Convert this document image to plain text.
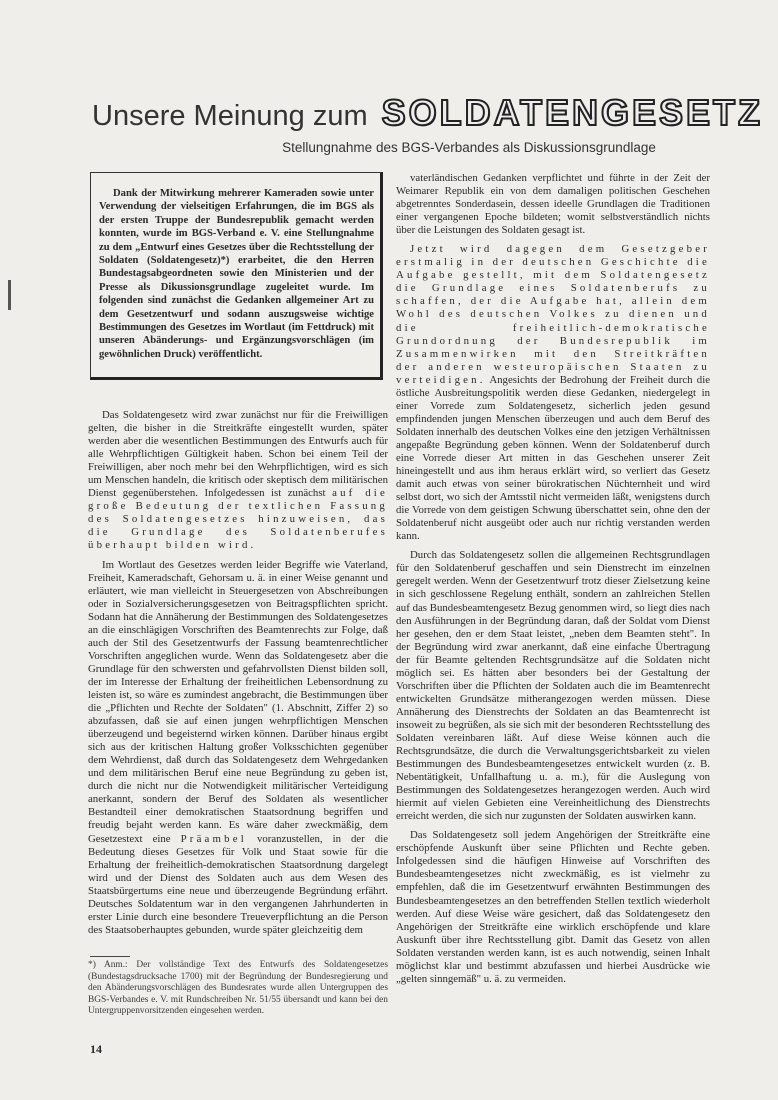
Unsere Meinung zum SOLDATENGESETZ
Stellungnahme des BGS-Verbandes als Diskussionsgrundlage

Dank der Mitwirkung mehrerer Kameraden sowie unter Verwendung der vielseitigen Erfahrungen, die im BGS als der ersten Truppe der Bundesrepublik gemacht werden konnten, wurde im BGS-Verband e. V. eine Stellungnahme zu dem „Entwurf eines Gesetzes über die Rechtsstellung der Soldaten (Soldatengesetz)*) erarbeitet, die den Herren Bundestagsabgeordneten sowie den Ministerien und der Presse als Dikussionsgrundlage zugeleitet wurde. Im folgenden sind zunächst die Gedanken allgemeiner Art zu dem Gesetzentwurf und sodann auszugsweise wichtige Bestimmungen des Gesetzes im Wortlaut (im Fettdruck) mit unseren Abänderungs- und Ergänzungsvorschlägen (im gewöhnlichen Druck) veröffentlicht.

Das Soldatengesetz wird zwar zunächst nur für die Freiwilligen gelten, die bisher in die Streitkräfte eingestellt wurden, später werden aber die wesentlichen Bestimmungen des Entwurfs auch für alle Wehrpflichtigen Gültigkeit haben. Schon bei einem Teil der Freiwilligen, aber noch mehr bei den Wehrpflichtigen, wird es sich um Menschen handeln, die kritisch oder skeptisch dem militärischen Dienst gegenüberstehen. Infolgedessen ist zunächst auf die große Bedeutung der textlichen Fassung des Soldatengesetzes hinzuweisen, das die Grundlage des Soldatenberufes überhaupt bilden wird.

Im Wortlaut des Gesetzes werden leider Begriffe wie Vaterland, Freiheit, Kameradschaft, Gehorsam u. ä. in einer Weise genannt und erläutert, wie man vielleicht in Steuergesetzen von Abschreibungen oder in Sozialversicherungsgesetzen von Beitragspflichten spricht. Sodann hat die Annäherung der Bestimmungen des Soldatengesetzes an die einschlägigen Vorschriften des Beamtenrechts zur Folge, daß auch der Stil des Gesetzentwurfs der Fassung beamtenrechtlicher Vorschriften angeglichen wurde. Wenn das Soldatengesetz aber die Grundlage für den schwersten und gefahrvollsten Dienst bilden soll, der im Interesse der Erhaltung der freiheitlichen Lebensordnung zu leisten ist, so wäre es zumindest angebracht, die Bestimmungen über die „Pflichten und Rechte der Soldaten" (1. Abschnitt, Ziffer 2) so abzufassen, daß sie auf einen jungen wehrpflichtigen Menschen überzeugend und begeisternd wirken können. Darüber hinaus ergibt sich aus der kritischen Haltung großer Volksschichten gegenüber dem Wehrdienst, daß durch das Soldatengesetz dem Wehrgedanken und dem militärischen Beruf eine neue Begründung zu geben ist, durch die nicht nur die Notwendigkeit militärischer Verteidigung anerkannt, sondern der Beruf des Soldaten als wesentlicher Bestandteil einer demokratischen Staatsordnung begriffen und freudig bejaht werden kann. Es wäre daher zweckmäßig, dem Gesetzestext eine Präambel voranzustellen, in der die Bedeutung dieses Gesetzes für Volk und Staat sowie für die Erhaltung der freiheitlich-demokratischen Staatsordnung dargelegt wird und der Dienst des Soldaten auch aus dem Wesen des Staatsbürgertums eine neue und überzeugende Begründung erfährt. Deutsches Soldatentum war in den vergangenen Jahrhunderten in erster Linie durch eine besondere Treueverpflichtung an die Person des Staatsoberhauptes gebunden, wurde später gleichzeitig dem

vaterländischen Gedanken verpflichtet und führte in der Zeit der Weimarer Republik ein von dem damaligen politischen Geschehen abgetrenntes Sonderdasein, dessen ideelle Grundlagen die Traditionen einer vergangenen Epoche bildeten; womit selbstverständlich nichts über die Leistungen des Soldaten gesagt ist.

Jetzt wird dagegen dem Gesetzgeber erstmalig in der deutschen Geschichte die Aufgabe gestellt, mit dem Soldatengesetz die Grundlage eines Soldatenberufs zu schaffen, der die Aufgabe hat, allein dem Wohl des deutschen Volkes zu dienen und die freiheitlich-demokratische Grundordnung der Bundesrepublik im Zusammenwirken mit den Streitkräften der anderen westeuropäischen Staaten zu verteidigen. Angesichts der Bedrohung der Freiheit durch die östliche Ausbreitungspolitik werden diese Gedanken, niedergelegt in einer Vorrede zum Soldatengesetz, sicherlich jeden gesund empfindenden jungen Menschen überzeugen und auch dem Beruf des Soldaten innerhalb des deutschen Volkes eine den jetzigen Verhältnissen angepaßte Begründung geben können. Wenn der Soldatenberuf durch eine Vorrede dieser Art mitten in das Geschehen unserer Zeit hineingestellt und aus ihm heraus erklärt wird, so verliert das Gesetz damit auch etwas von seiner bürokratischen Nüchternheit und wird selbst dort, wo sich der Amtsstil nicht vermeiden läßt, wenigstens durch die Vorrede von dem geistigen Schwung überschattet sein, ohne den der Soldatenberuf nicht ausgeübt oder auch nur richtig verstanden werden kann.

Durch das Soldatengesetz sollen die allgemeinen Rechtsgrundlagen für den Soldatenberuf geschaffen und sein Dienstrecht im einzelnen geregelt werden. Wenn der Gesetzentwurf trotz dieser Zielsetzung keine in sich geschlossene Regelung enthält, sondern an zahlreichen Stellen auf das Bundesbeamtengesetz Bezug genommen wird, so liegt dies nach den Ausführungen in der Begründung daran, daß der Soldat vom Dienst her gesehen, den er dem Staat leistet, „neben dem Beamten steht". In der Begründung wird zwar anerkannt, daß eine einfache Übertragung der für Beamte geltenden Rechtsgrundsätze auf die Soldaten nicht möglich sei. Es hätten aber besonders bei der Gestaltung der Vorschriften über die Pflichten der Soldaten auch die im Beamtenrecht entwickelten Grundsätze mitherangezogen werden müssen. Diese Annäherung des Dienstrechts der Soldaten an das Beamtenrecht ist insoweit zu begrüßen, als sie sich mit der besonderen Rechtsstellung des Soldaten vereinbaren läßt. Auf diese Weise können auch die Rechtsgrundsätze, die durch die Verwaltungsgerichtsbarkeit zu vielen Bestimmungen des Bundesbeamtengesetzes entwickelt wurden (z. B. Nebentätigkeit, Unfallhaftung u. a. m.), für die Auslegung von Bestimmungen des Soldatengesetzes herangezogen werden. Auch wird hiermit auf vielen Gebieten eine Vereinheitlichung des Dienstrechts erreicht werden, die sich nur zugunsten der Soldaten auswirken kann.

Das Soldatengesetz soll jedem Angehörigen der Streitkräfte eine erschöpfende Auskunft über seine Pflichten und Rechte geben. Infolgedessen sind die häufigen Hinweise auf Vorschriften des Bundesbeamtengesetzes nicht zweckmäßig, es ist vielmehr zu empfehlen, daß die im Gesetzentwurf erwähnten Bestimmungen des Bundesbeamtengesetzes an den betreffenden Stellen textlich wiederholt werden. Auf diese Weise wäre gesichert, daß das Soldatengesetz den Angehörigen der Streitkräfte eine wirklich erschöpfende und klare Auskunft über ihre Rechtsstellung gibt. Damit das Gesetz von allen Soldaten verstanden werden kann, ist es auch notwendig, seinen Inhalt möglichst klar und bestimmt abzufassen und hierbei Ausdrücke wie „gelten sinngemäß" u. ä. zu vermeiden.

*) Anm.: Der vollständige Text des Entwurfs des Soldatengesetzes (Bundestagsdrucksache 1700) mit der Begründung der Bundesregierung und den Abänderungsvorschlägen des Bundesrates wurde allen Untergruppen des BGS-Verbandes e. V. mit Rundschreiben Nr. 51/55 übersandt und kann bei den Untergruppenvorsitzenden eingesehen werden.
14
